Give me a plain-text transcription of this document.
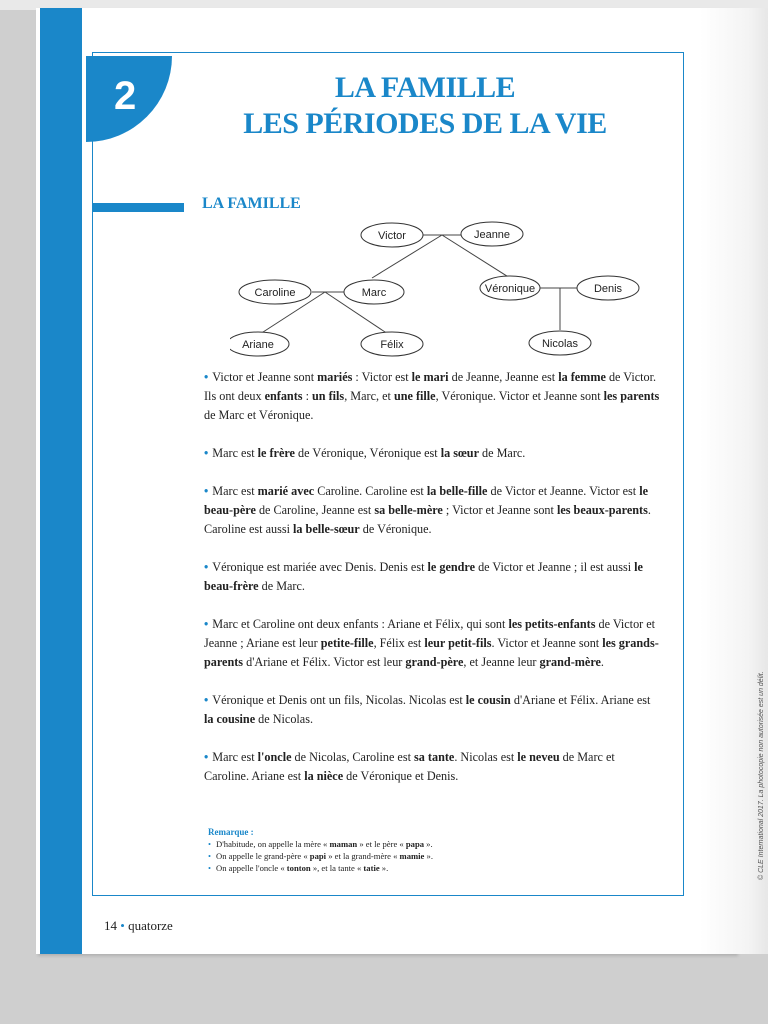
2	LA FAMILLE
LES PÉRIODES DE LA VIE
LA FAMILLE
Victor	Jeanne
Caroline	Marc	Véronique	Denis
Ariane	Félix	Nicolas

• Victor et Jeanne sont mariés : Victor est le mari de Jeanne, Jeanne est la femme de Victor. Ils ont deux enfants : un fils, Marc, et une fille, Véronique. Victor et Jeanne sont les parents de Marc et Véronique.

• Marc est le frère de Véronique, Véronique est la sœur de Marc.

• Marc est marié avec Caroline. Caroline est la belle-fille de Victor et Jeanne. Victor est le beau-père de Caroline, Jeanne est sa belle-mère ; Victor et Jeanne sont les beaux-parents. Caroline est aussi la belle-sœur de Véronique.

• Véronique est mariée avec Denis. Denis est le gendre de Victor et Jeanne ; il est aussi le beau-frère de Marc.

• Marc et Caroline ont deux enfants : Ariane et Félix, qui sont les petits-enfants de Victor et Jeanne ; Ariane est leur petite-fille, Félix est leur petit-fils. Victor et Jeanne sont les grands-parents d'Ariane et Félix. Victor est leur grand-père, et Jeanne leur grand-mère.

• Véronique et Denis ont un fils, Nicolas. Nicolas est le cousin d'Ariane et Félix. Ariane est la cousine de Nicolas.

• Marc est l'oncle de Nicolas, Caroline est sa tante. Nicolas est le neveu de Marc et Caroline. Ariane est la nièce de Véronique et Denis.

Remarque :
• D'habitude, on appelle la mère « maman » et le père « papa ».
• On appelle le grand-père « papi » et la grand-mère « mamie ».
• On appelle l'oncle « tonton », et la tante « tatie ».
14 • quatorze
© CLE International 2017. La photocopie non autorisée est un délit.
